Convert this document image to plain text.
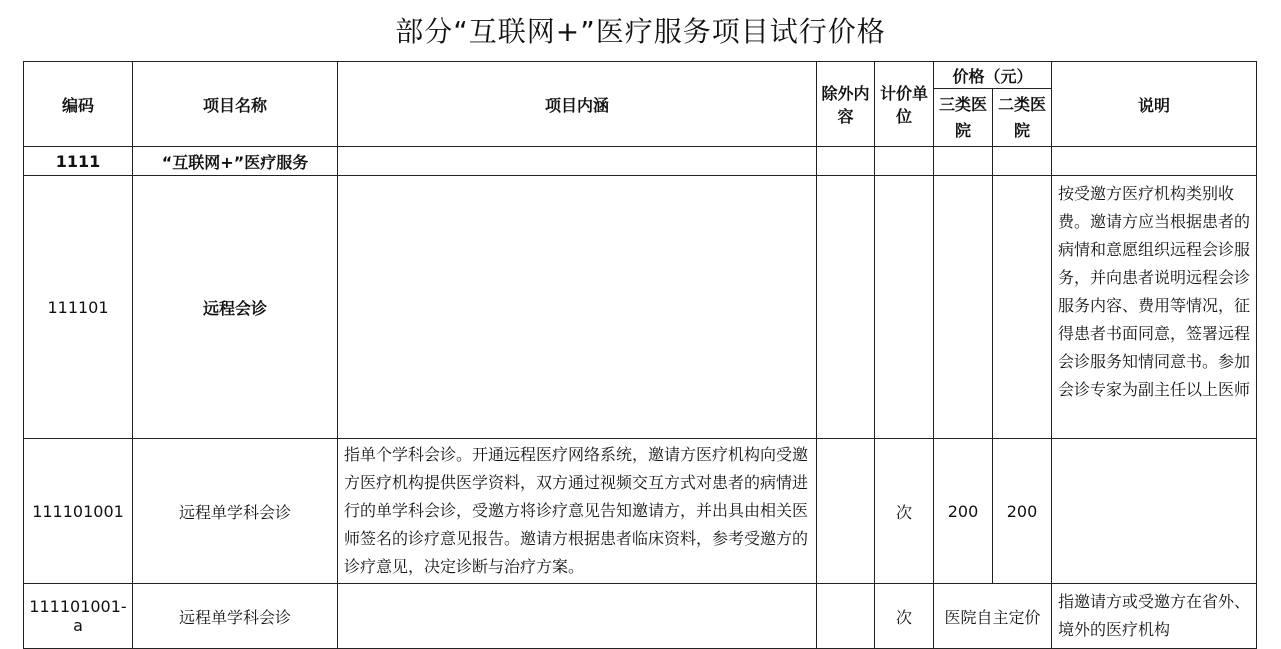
部分“互联网+”医疗服务项目试行价格
编码	项目名称	项目内涵	除外内容	计价单位	价格（元）		说明
					三类医院	二类医院	
1111	“互联网+”医疗服务						
111101	远程会诊						按受邀方医疗机构类别收费。邀请方应当根据患者的病情和意愿组织远程会诊服务，并向患者说明远程会诊服务内容、费用等情况，征得患者书面同意，签署远程会诊服务知情同意书。参加会诊专家为副主任以上医师
111101001	远程单学科会诊	指单个学科会诊。开通远程医疗网络系统，邀请方医疗机构向受邀方医疗机构提供医学资料，双方通过视频交互方式对患者的病情进行的单学科会诊，受邀方将诊疗意见告知邀请方，并出具由相关医师签名的诊疗意见报告。邀请方根据患者临床资料，参考受邀方的诊疗意见，决定诊断与治疗方案。		次	200	200	
111101001-a	远程单学科会诊			次	医院自主定价		指邀请方或受邀方在省外、境外的医疗机构
